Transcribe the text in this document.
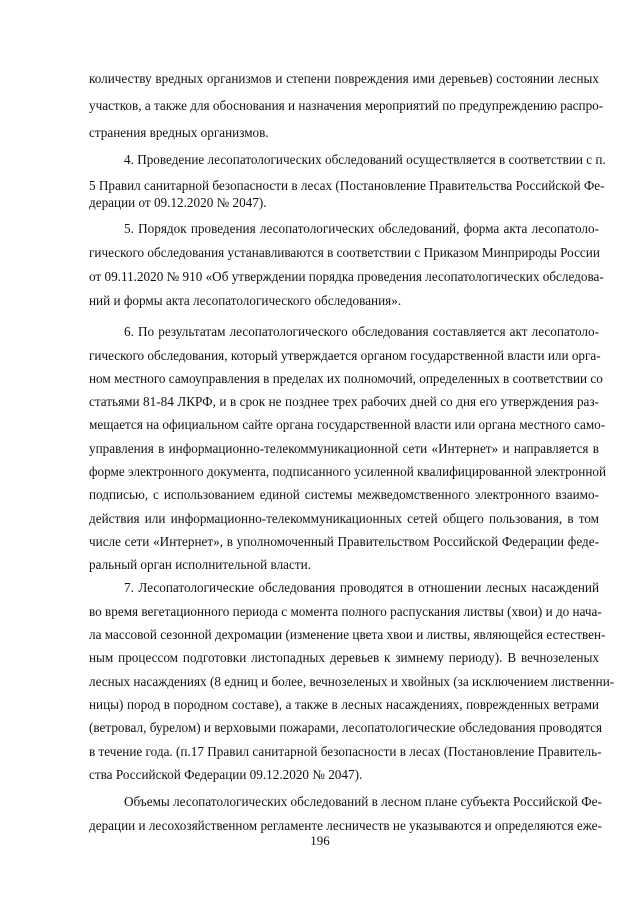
количеству вредных организмов и степени повреждения ими деревьев) состоянии лесных
участков, а также для обоснования и назначения мероприятий по предупреждению распро-
странения вредных организмов.
4. Проведение лесопатологических обследований осуществляется в соответствии с п.
5 Правил санитарной безопасности в лесах (Постановление Правительства Российской Фе-
дерации от 09.12.2020 № 2047).
5. Порядок проведения лесопатологических обследований, форма акта лесопатоло-
гического обследования устанавливаются в соответствии с Приказом Минприроды России
от 09.11.2020 № 910 «Об утверждении порядка проведения лесопатологических обследова-
ний и формы акта лесопатологического обследования».
6. По результатам лесопатологического обследования составляется акт лесопатоло-
гического обследования, который утверждается органом государственной власти или орга-
ном местного самоуправления в пределах их полномочий, определенных в соответствии со
статьями 81-84 ЛКРФ, и в срок не позднее трех рабочих дней со дня его утверждения раз-
мещается на официальном сайте органа государственной власти или органа местного само-
управления в информационно-телекоммуникационной сети «Интернет» и направляется в
форме электронного документа, подписанного усиленной квалифицированной электронной
подписью, с использованием единой системы межведомственного электронного взаимо-
действия или информационно-телекоммуникационных сетей общего пользования, в том
числе сети «Интернет», в уполномоченный Правительством Российской Федерации феде-
ральный орган исполнительной власти.
7. Лесопатологические обследования проводятся в отношении лесных насаждений
во время вегетационного периода с момента полного распускания листвы (хвои) и до нача-
ла массовой сезонной дехромации (изменение цвета хвои и листвы, являющейся естествен-
ным процессом подготовки листопадных деревьев к зимнему периоду). В вечнозеленых
лесных насаждениях (8 едниц и более, вечнозеленых и хвойных (за исключением лиственни-
ницы) пород в породном составе), а также в лесных насаждениях, поврежденных ветрами
(ветровал, бурелом) и верховыми пожарами, лесопатологические обследования проводятся
в течение года. (п.17 Правил санитарной безопасности в лесах (Постановление Правитель-
ства Российской Федерации 09.12.2020 № 2047).
Объемы лесопатологических обследований в лесном плане субъекта Российской Фе-
дерации и лесохозяйственном регламенте лесничеств не указываются и определяются еже-
196
